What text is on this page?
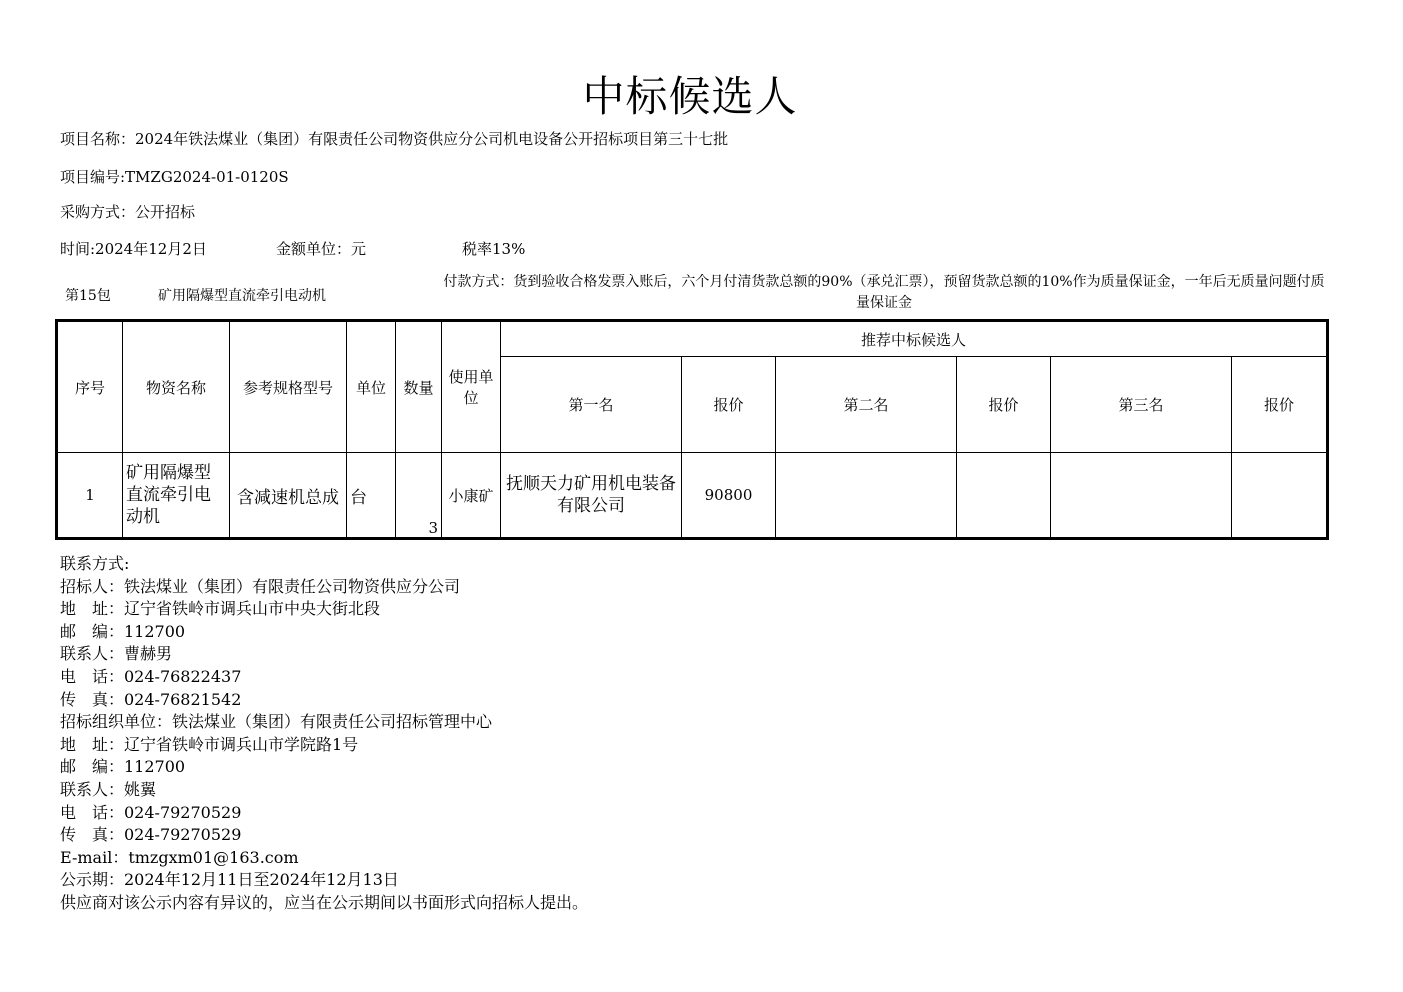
中标候选人
项目名称：2024年铁法煤业（集团）有限责任公司物资供应分公司机电设备公开招标项目第三十七批
项目编号:TMZG2024-01-0120S
采购方式：公开招标
时间:2024年12月2日	金额单位：元	税率13%
第15包	矿用隔爆型直流牵引电动机
付款方式：货到验收合格发票入账后，六个月付清货款总额的90%（承兑汇票），预留货款总额的10%作为质量保证金，一年后无质量问题付质量保证金
序号	物资名称	参考规格型号	单位	数量	使用单位	推荐中标候选人					
						第一名	报价	第二名	报价	第三名	报价
1	矿用隔爆型直流牵引电动机	含减速机总成	台	3	小康矿	抚顺天力矿用机电装备有限公司	90800				
联系方式:
招标人：铁法煤业（集团）有限责任公司物资供应分公司
地　址：辽宁省铁岭市调兵山市中央大街北段
邮　编：112700
联系人：曹赫男
电　话：024-76822437
传　真：024-76821542
招标组织单位：铁法煤业（集团）有限责任公司招标管理中心
地　址：辽宁省铁岭市调兵山市学院路1号
邮　编：112700
联系人：姚翼
电　话：024-79270529
传　真：024-79270529
E-mail：tmzgxm01@163.com
公示期：2024年12月11日至2024年12月13日
供应商对该公示内容有异议的，应当在公示期间以书面形式向招标人提出。
